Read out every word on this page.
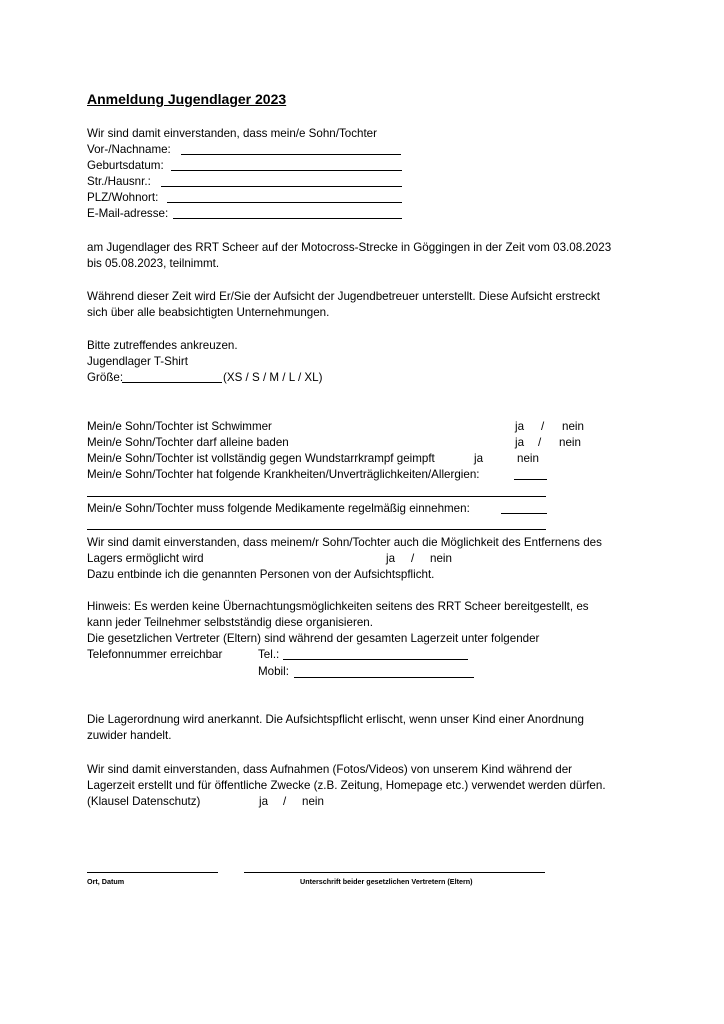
Anmeldung Jugendlager 2023
Wir sind damit einverstanden, dass mein/e Sohn/Tochter
Vor-/Nachname:
Geburtsdatum:
Str./Hausnr.:
PLZ/Wohnort:
E-Mail-adresse:
am Jugendlager des RRT Scheer auf der Motocross-Strecke in Göggingen in der Zeit vom 03.08.2023
bis 05.08.2023, teilnimmt.
Während dieser Zeit wird Er/Sie der Aufsicht der Jugendbetreuer unterstellt. Diese Aufsicht erstreckt
sich über alle beabsichtigten Unternehmungen.
Bitte zutreffendes ankreuzen.
Jugendlager T-Shirt
Größe:	(XS / S / M / L / XL)
Mein/e Sohn/Tochter ist Schwimmer	ja / nein
Mein/e Sohn/Tochter darf alleine baden	ja / nein
Mein/e Sohn/Tochter ist vollständig gegen Wundstarrkrampf geimpft	ja	nein
Mein/e Sohn/Tochter hat folgende Krankheiten/Unverträglichkeiten/Allergien:
Mein/e Sohn/Tochter muss folgende Medikamente regelmäßig einnehmen:
Wir sind damit einverstanden, dass meinem/r Sohn/Tochter auch die Möglichkeit des Entfernens des
Lagers ermöglicht wird	ja / nein
Dazu entbinde ich die genannten Personen von der Aufsichtspflicht.
Hinweis: Es werden keine Übernachtungsmöglichkeiten seitens des RRT Scheer bereitgestellt, es
kann jeder Teilnehmer selbstständig diese organisieren.
Die gesetzlichen Vertreter (Eltern) sind während der gesamten Lagerzeit unter folgender
Telefonnummer erreichbar	Tel.:
Mobil:
Die Lagerordnung wird anerkannt. Die Aufsichtspflicht erlischt, wenn unser Kind einer Anordnung
zuwider handelt.
Wir sind damit einverstanden, dass Aufnahmen (Fotos/Videos) von unserem Kind während der
Lagerzeit erstellt und für öffentliche Zwecke (z.B. Zeitung, Homepage etc.) verwendet werden dürfen.
(Klausel Datenschutz)	ja / nein
Ort, Datum	Unterschrift beider gesetzlichen Vertretern (Eltern)
